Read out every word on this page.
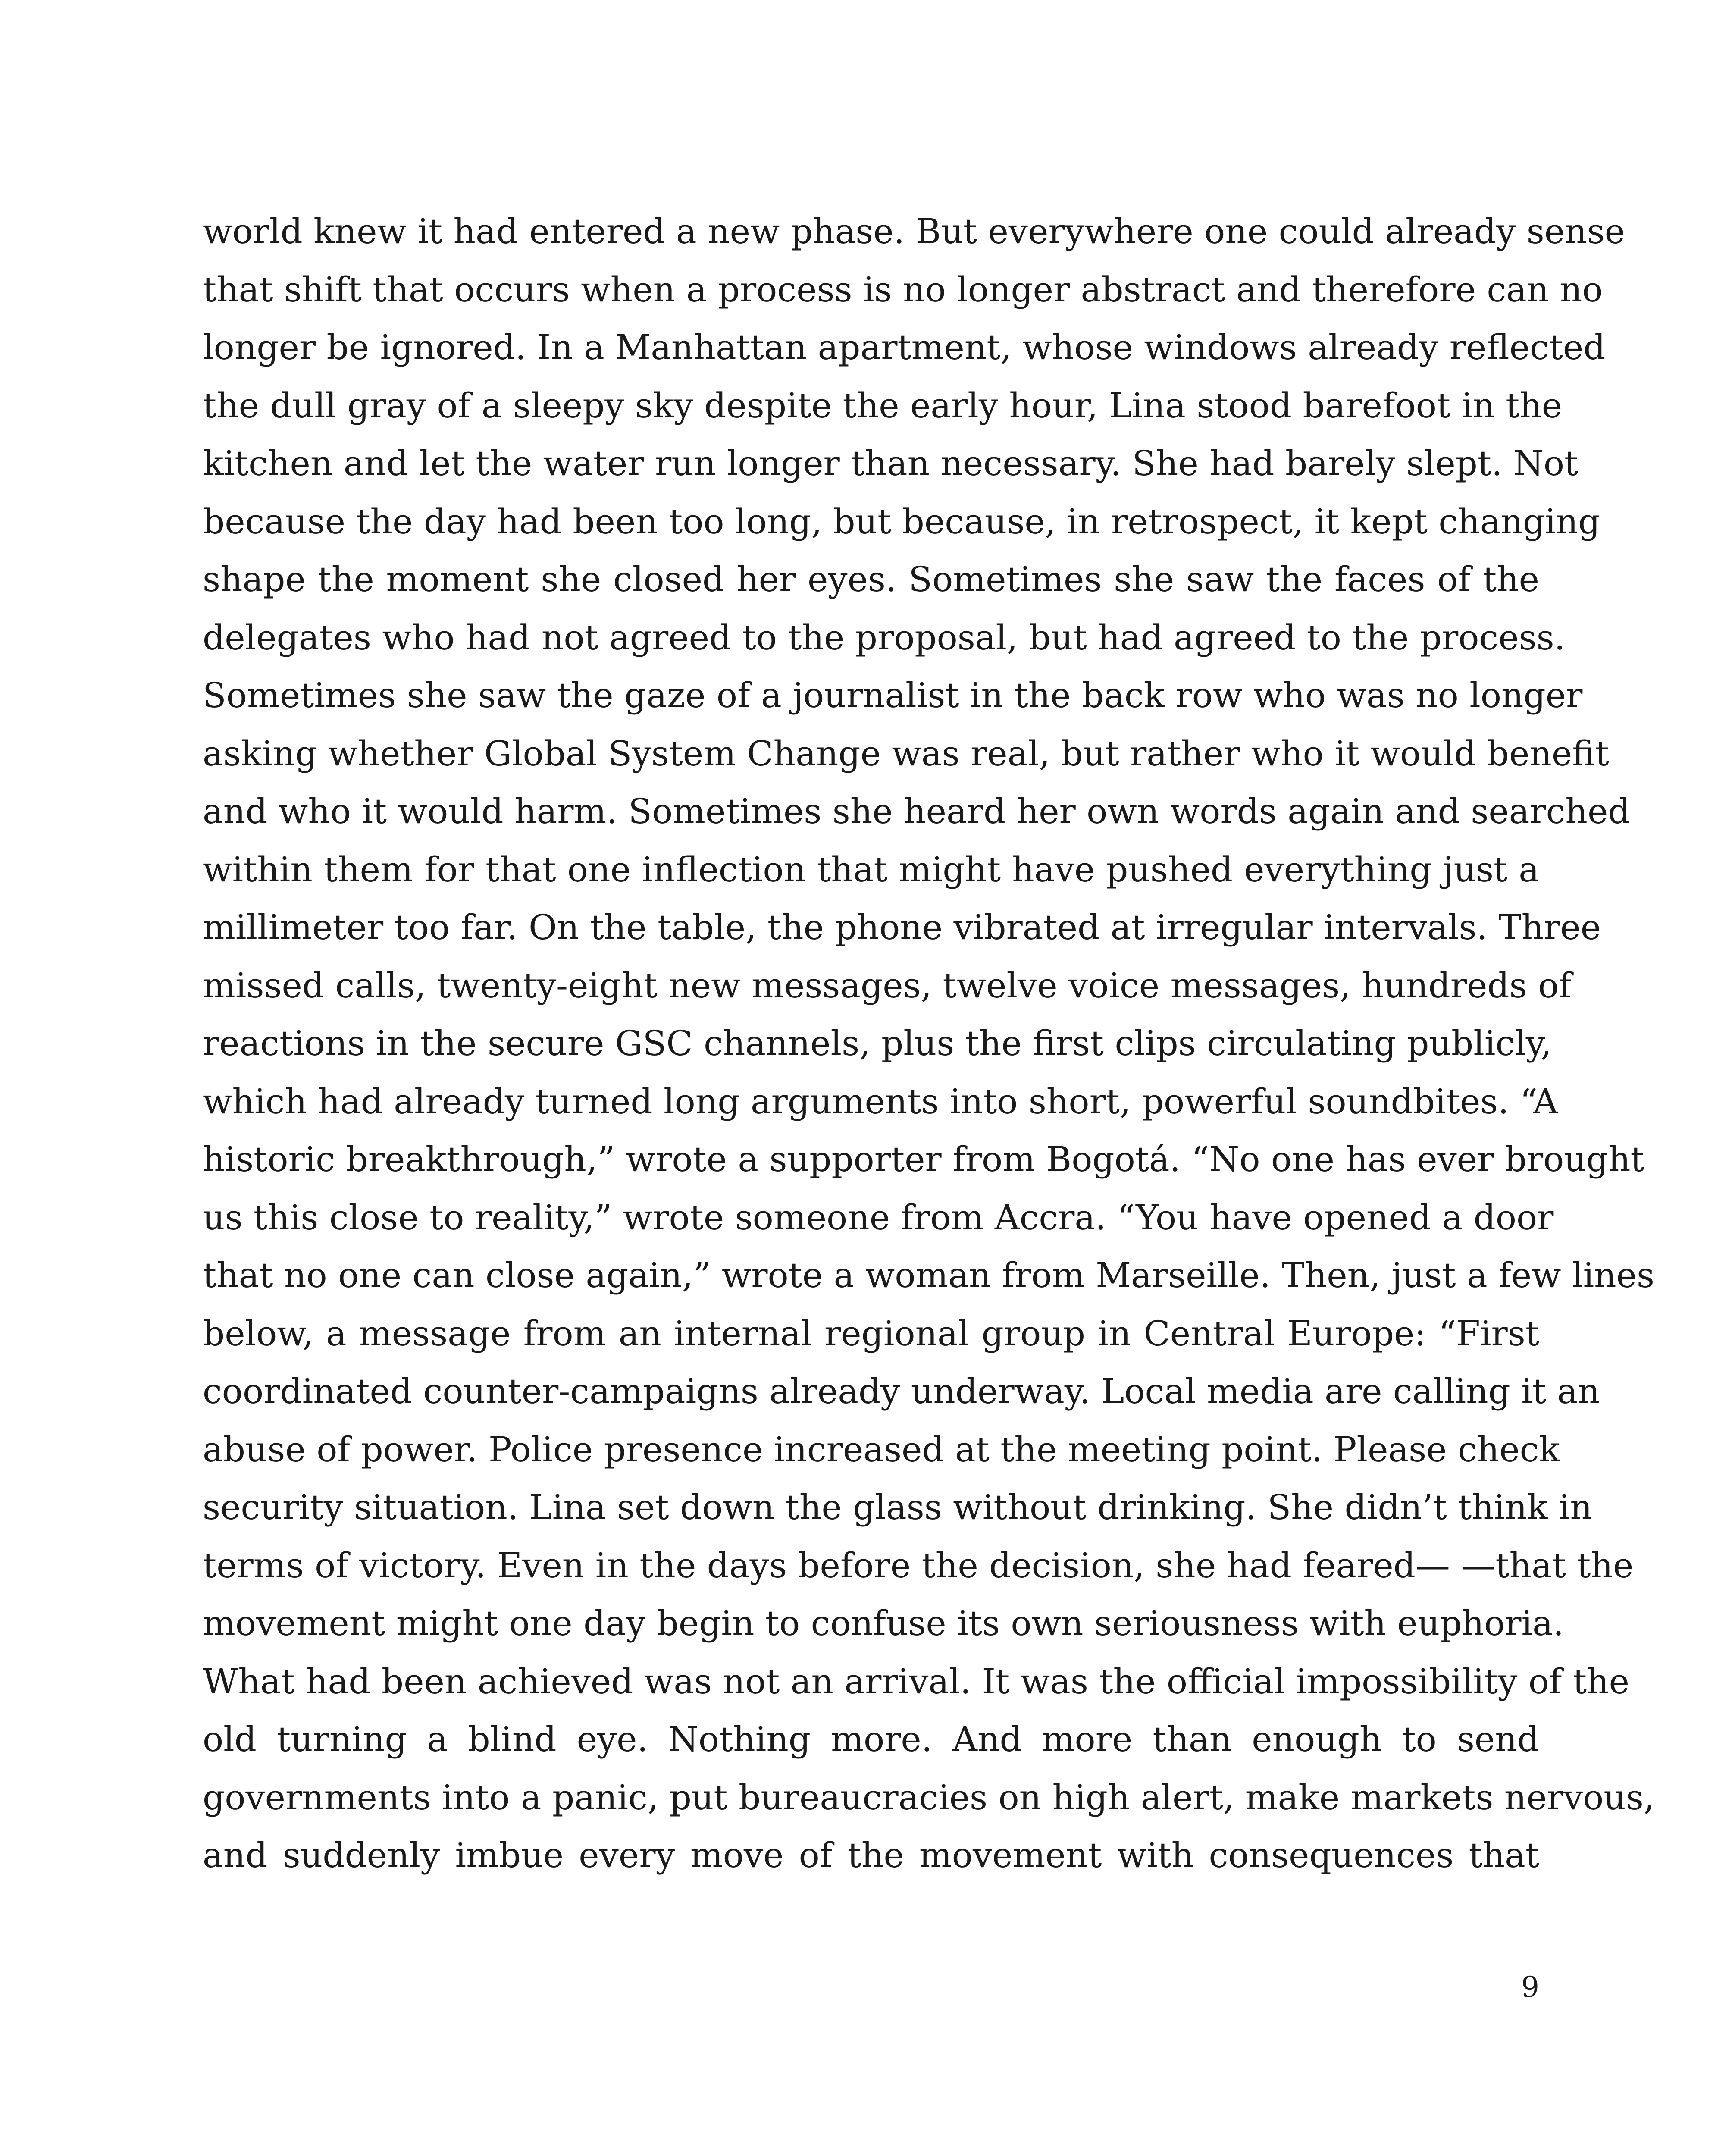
world knew it had entered a new phase. But everywhere one could already sense
that shift that occurs when a process is no longer abstract and therefore can no
longer be ignored. In a Manhattan apartment, whose windows already reflected
the dull gray of a sleepy sky despite the early hour, Lina stood barefoot in the
kitchen and let the water run longer than necessary. She had barely slept. Not
because the day had been too long, but because, in retrospect, it kept changing
shape the moment she closed her eyes. Sometimes she saw the faces of the
delegates who had not agreed to the proposal, but had agreed to the process.
Sometimes she saw the gaze of a journalist in the back row who was no longer
asking whether Global System Change was real, but rather who it would benefit
and who it would harm. Sometimes she heard her own words again and searched
within them for that one inflection that might have pushed everything just a
millimeter too far. On the table, the phone vibrated at irregular intervals. Three
missed calls, twenty-eight new messages, twelve voice messages, hundreds of
reactions in the secure GSC channels, plus the first clips circulating publicly,
which had already turned long arguments into short, powerful soundbites. “A
historic breakthrough,” wrote a supporter from Bogotá. “No one has ever brought
us this close to reality,” wrote someone from Accra. “You have opened a door
that no one can close again,” wrote a woman from Marseille. Then, just a few lines
below, a message from an internal regional group in Central Europe: “First
coordinated counter-campaigns already underway. Local media are calling it an
abuse of power. Police presence increased at the meeting point. Please check
security situation. Lina set down the glass without drinking. She didn’t think in
terms of victory. Even in the days before the decision, she had feared— —that the
movement might one day begin to confuse its own seriousness with euphoria.
What had been achieved was not an arrival. It was the official impossibility of the
old turning a blind eye. Nothing more. And more than enough to send
governments into a panic, put bureaucracies on high alert, make markets nervous,
and suddenly imbue every move of the movement with consequences that
9
